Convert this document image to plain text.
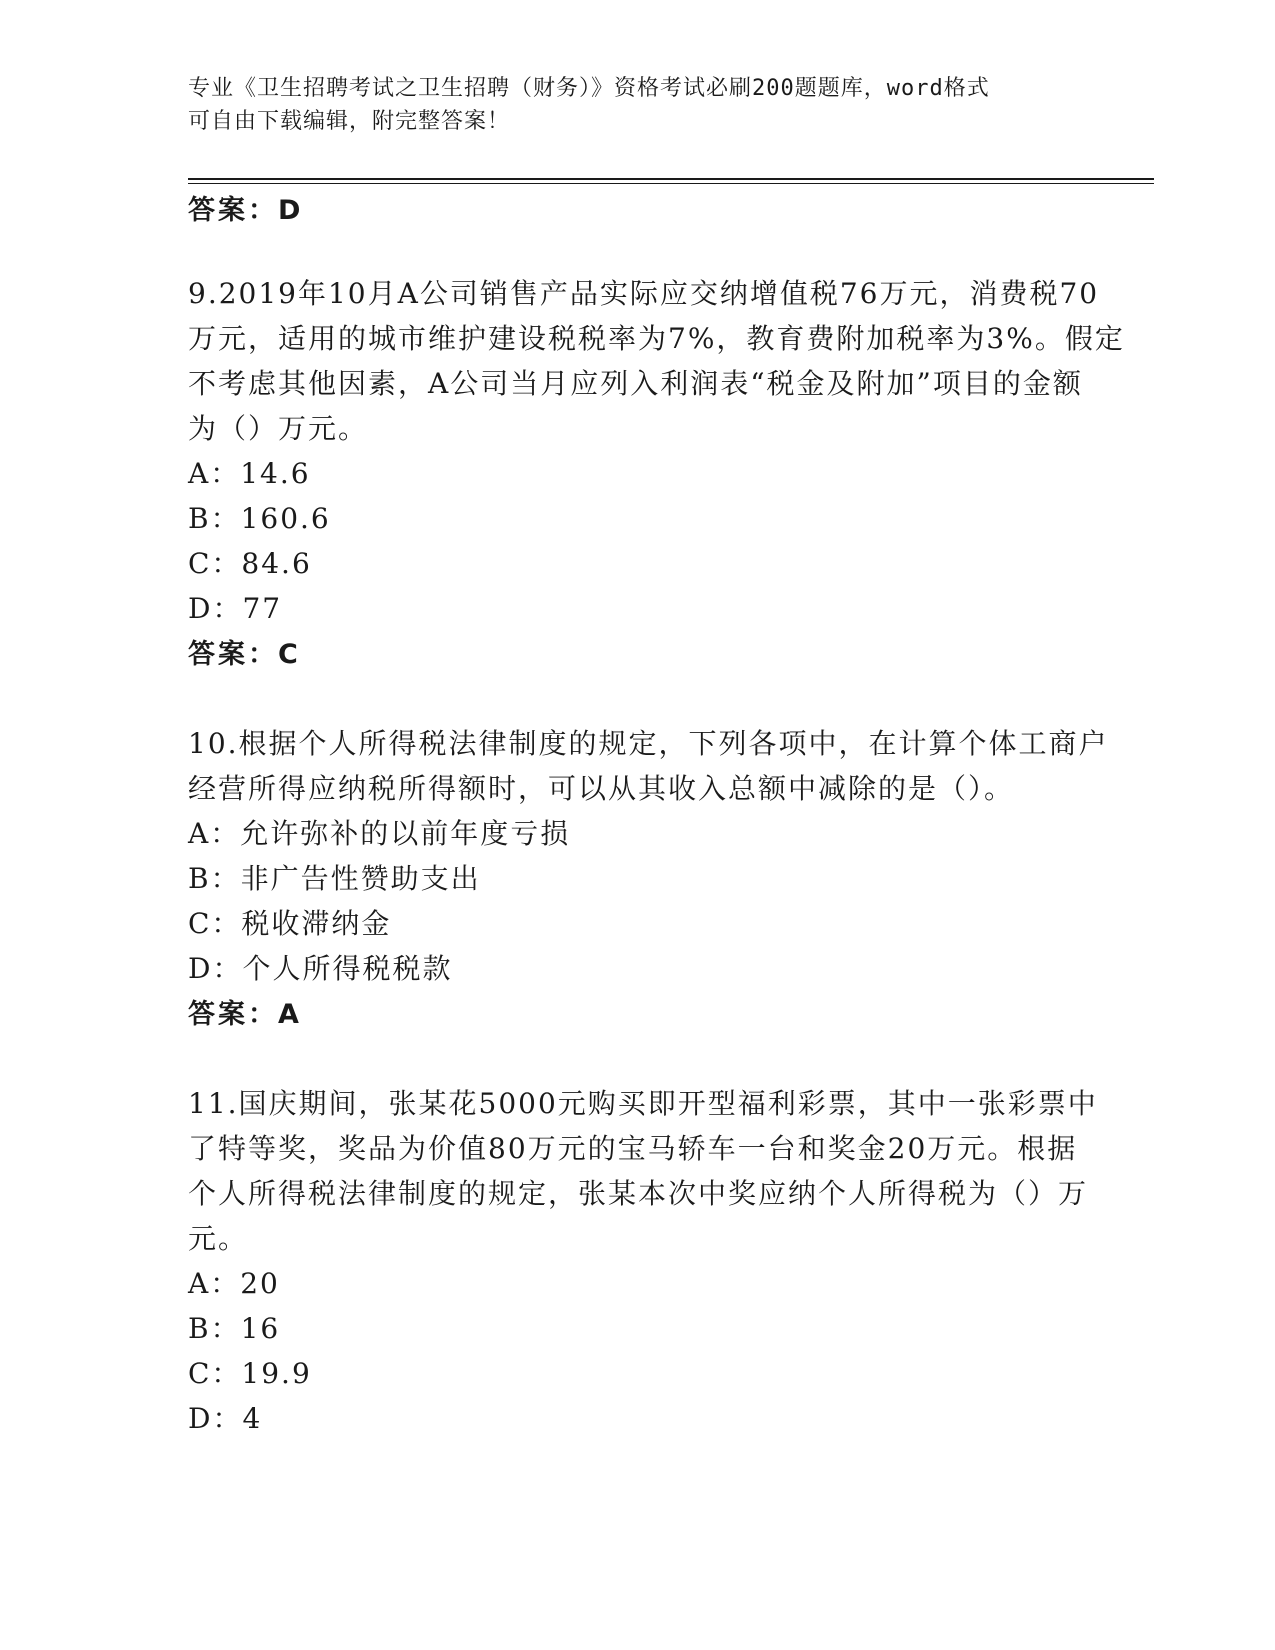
专业《卫生招聘考试之卫生招聘（财务）》资格考试必刷200题题库，word格式
可自由下载编辑，附完整答案！
答案：D
9.2019年10月A公司销售产品实际应交纳增值税76万元，消费税70
万元，适用的城市维护建设税税率为7%，教育费附加税率为3%。假定
不考虑其他因素，A公司当月应列入利润表“税金及附加”项目的金额
为（）万元。
A：14.6
B：160.6
C：84.6
D：77
答案：C
10.根据个人所得税法律制度的规定，下列各项中，在计算个体工商户
经营所得应纳税所得额时，可以从其收入总额中减除的是（）。
A：允许弥补的以前年度亏损
B：非广告性赞助支出
C：税收滞纳金
D：个人所得税税款
答案：A
11.国庆期间，张某花5000元购买即开型福利彩票，其中一张彩票中
了特等奖，奖品为价值80万元的宝马轿车一台和奖金20万元。根据
个人所得税法律制度的规定，张某本次中奖应纳个人所得税为（）万
元。
A：20
B：16
C：19.9
D：4
